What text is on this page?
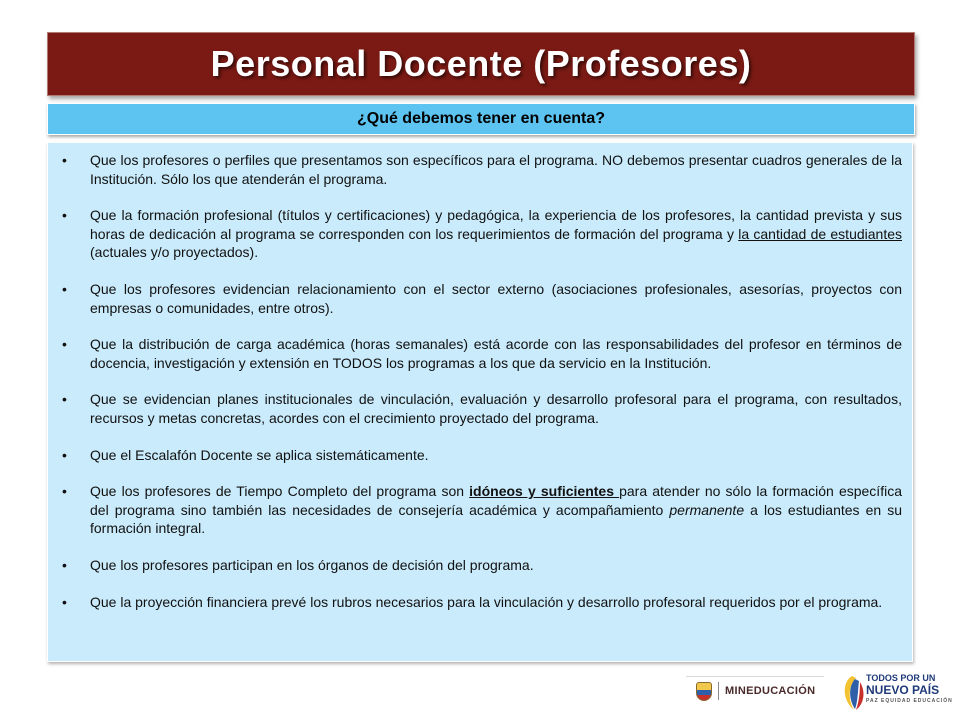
Personal Docente (Profesores)
¿Qué debemos tener en cuenta?
• Que los profesores o perfiles que presentamos son específicos para el programa. NO debemos presentar cuadros generales de la Institución. Sólo los que atenderán el programa.
• Que la formación profesional (títulos y certificaciones) y pedagógica, la experiencia de los profesores, la cantidad prevista y sus horas de dedicación al programa se corresponden con los requerimientos de formación del programa y la cantidad de estudiantes (actuales y/o proyectados).
• Que los profesores evidencian relacionamiento con el sector externo (asociaciones profesionales, asesorías, proyectos con empresas o comunidades, entre otros).
• Que la distribución de carga académica (horas semanales) está acorde con las responsabilidades del profesor en términos de docencia, investigación y extensión en TODOS los programas a los que da servicio en la Institución.
• Que se evidencian planes institucionales de vinculación, evaluación y desarrollo profesoral para el programa, con resultados, recursos y metas concretas, acordes con el crecimiento proyectado del programa.
• Que el Escalafón Docente se aplica sistemáticamente.
• Que los profesores de Tiempo Completo del programa son idóneos y suficientes para atender no sólo la formación específica del programa sino también las necesidades de consejería académica y acompañamiento permanente a los estudiantes en su formación integral.
• Que los profesores participan en los órganos de decisión del programa.
• Que la proyección financiera prevé los rubros necesarios para la vinculación y desarrollo profesoral requeridos por el programa.
MINEDUCACIÓN
TODOS POR UN
NUEVO PAÍS
PAZ EQUIDAD EDUCACIÓN
